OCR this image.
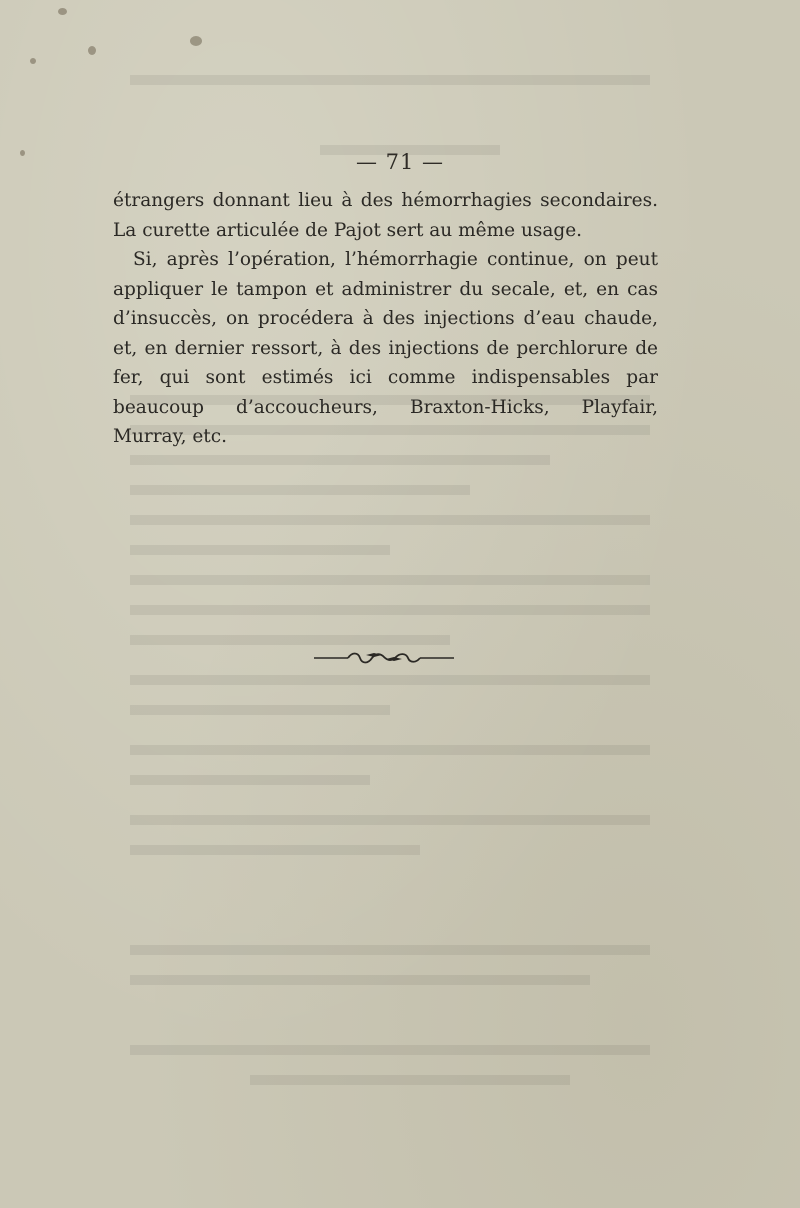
— 71 —

étrangers donnant lieu à des hémorrhagies secondaires. La curette articulée de Pajot sert au même usage.

Si, après l’opération, l’hémorrhagie continue, on peut appliquer le tampon et administrer du secale, et, en cas d’insuccès, on procédera à des injections d’eau chaude, et, en dernier ressort, à des injections de perchlorure de fer, qui sont estimés ici comme indispensables par beaucoup d’accoucheurs, Braxton-Hicks, Playfair, Murray, etc.
